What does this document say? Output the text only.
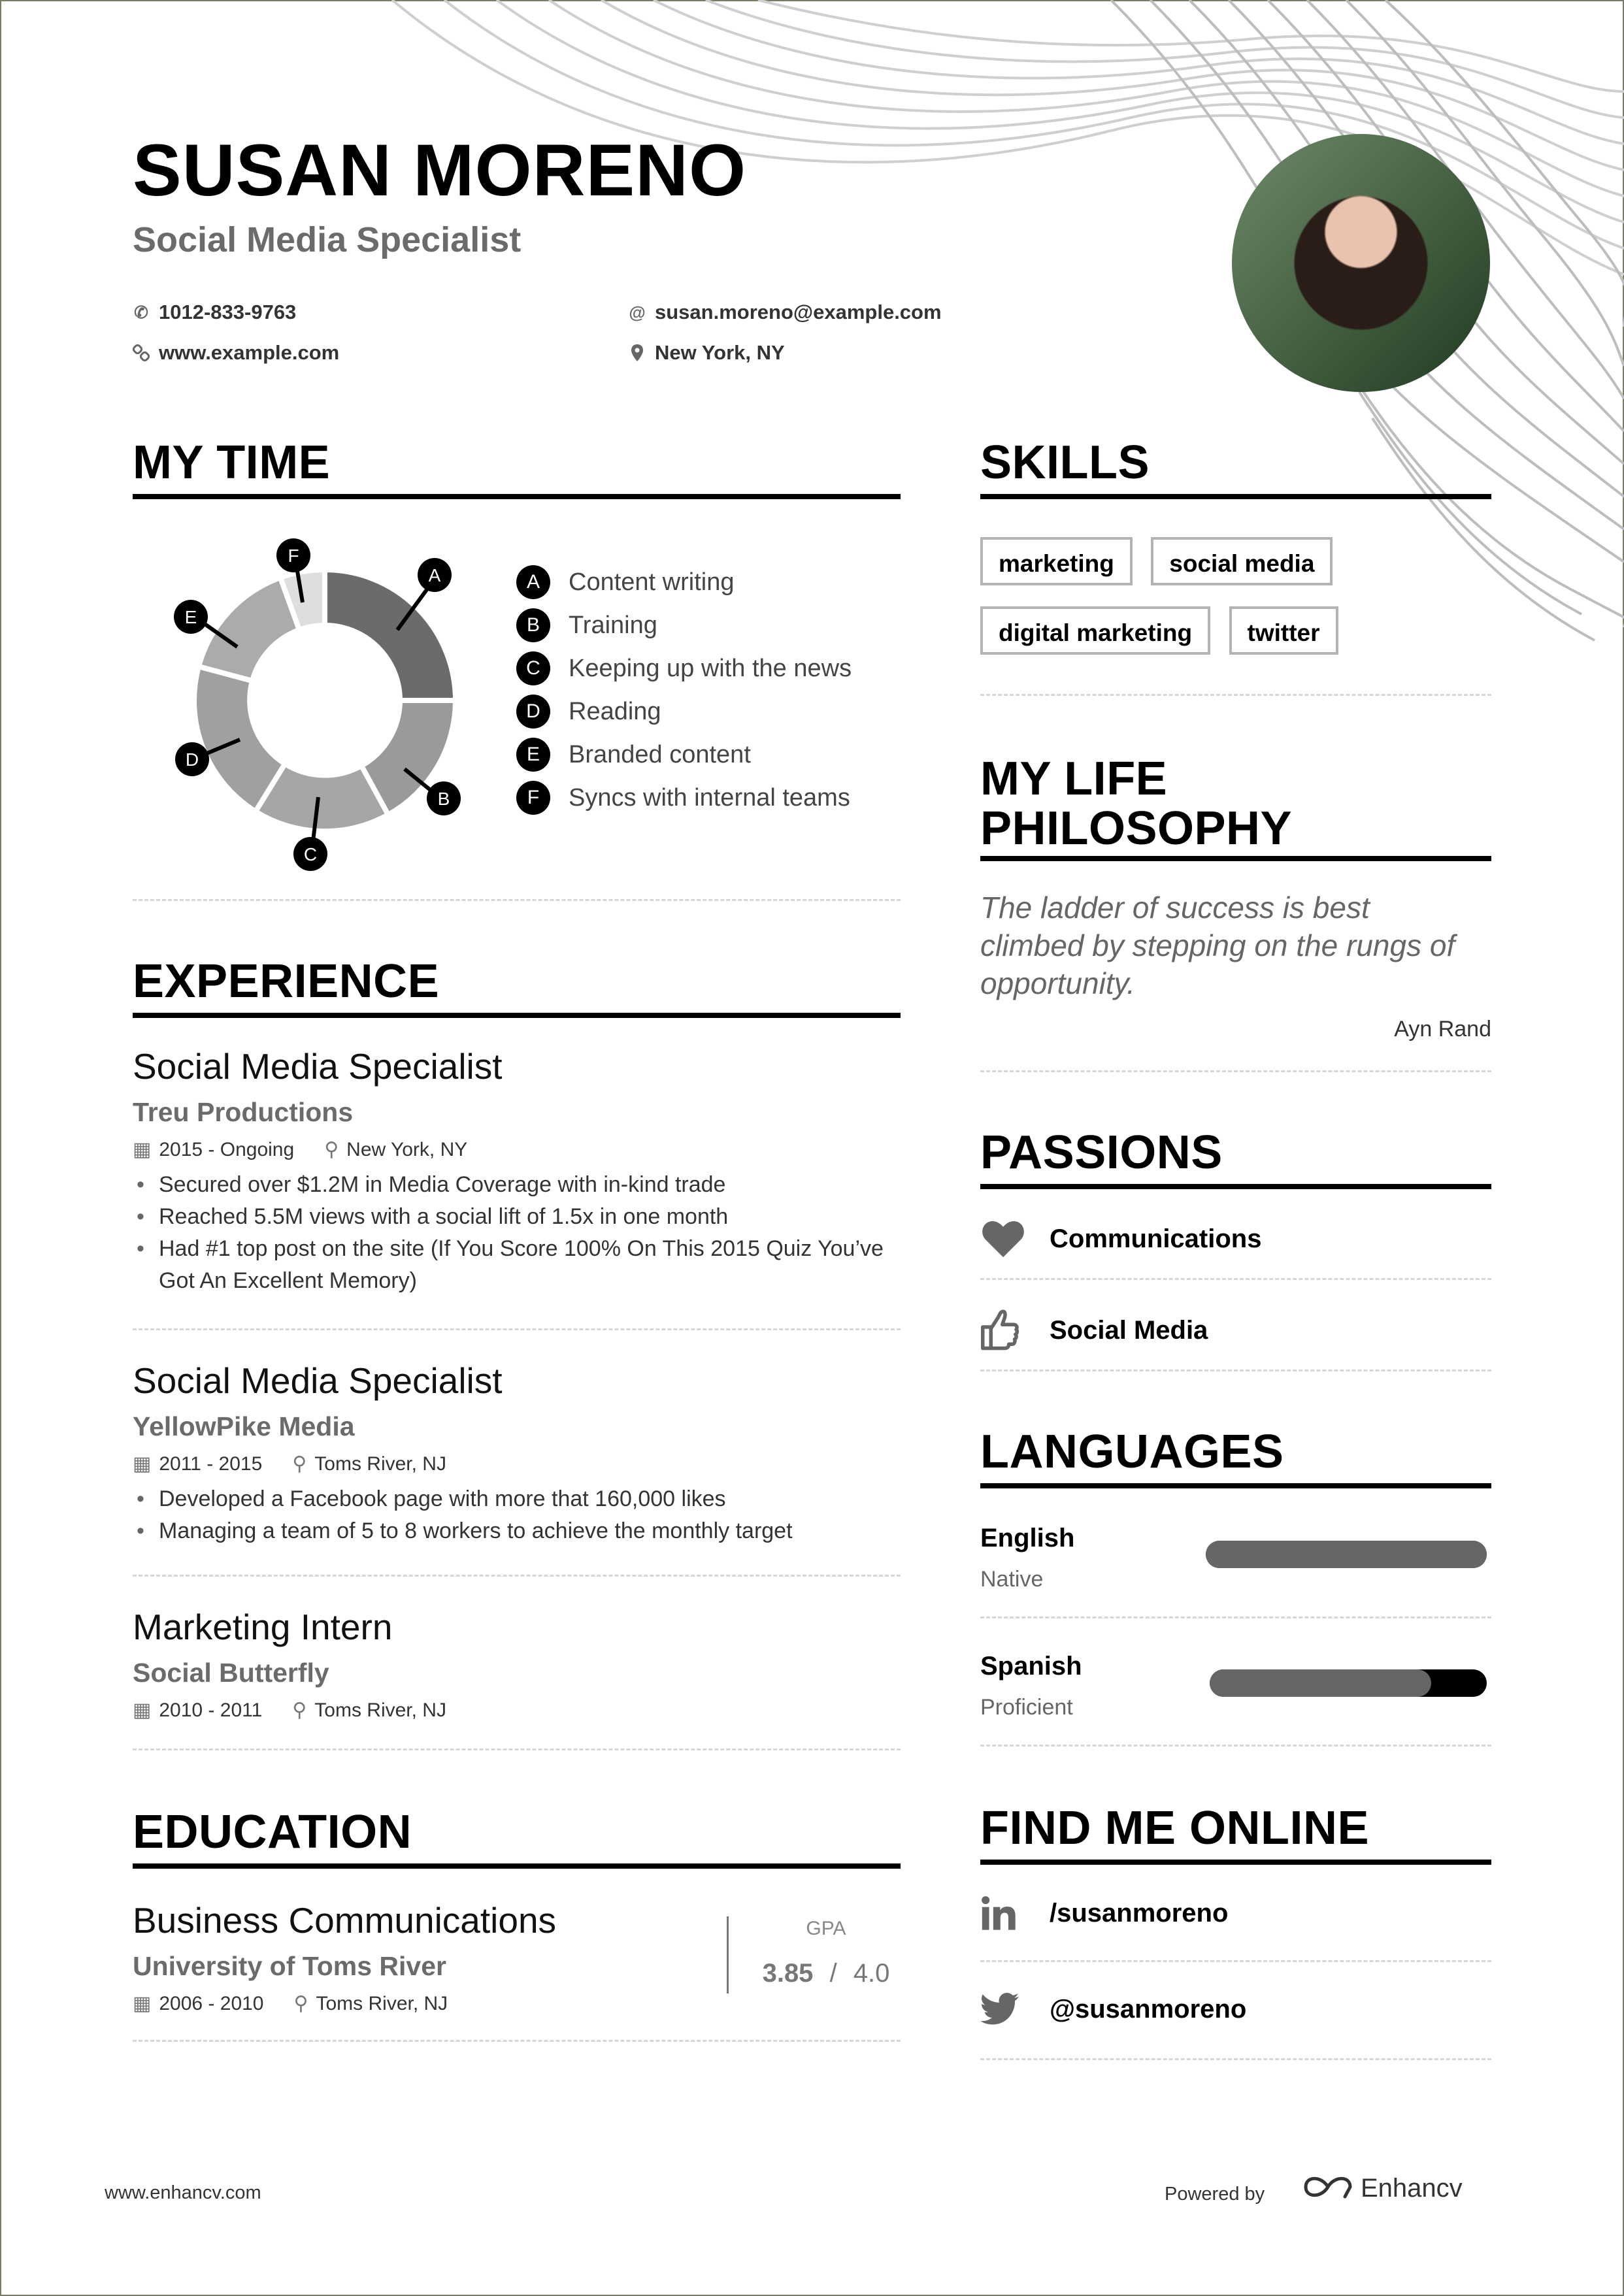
SUSAN MORENO
Social Media Specialist
✆ 1012-833-9763	@ susan.moreno@example.com
www.example.com	New York, NY
MY TIME
A
B
C
D
E
F
A	Content writing
B	Training
C	Keeping up with the news
D	Reading
E	Branded content
F	Syncs with internal teams
EXPERIENCE
Social Media Specialist
Treu Productions
▦ 2015 - Ongoing ⚲ New York, NY
• Secured over $1.2M in Media Coverage with in-kind trade
• Reached 5.5M views with a social lift of 1.5x in one month
• Had #1 top post on the site (If You Score 100% On This 2015 Quiz You’ve Got An Excellent Memory)
Social Media Specialist
YellowPike Media
▦ 2011 - 2015 ⚲ Toms River, NJ
• Developed a Facebook page with more that 160,000 likes
• Managing a team of 5 to 8 workers to achieve the monthly target
Marketing Intern
Social Butterfly
▦ 2010 - 2011 ⚲ Toms River, NJ
EDUCATION
Business Communications
University of Toms River
▦ 2006 - 2010 ⚲ Toms River, NJ
GPA
3.85 / 4.0
SKILLS
marketing social media
digital marketing twitter
MY LIFE
PHILOSOPHY
The ladder of success is best climbed by stepping on the rungs of opportunity.
Ayn Rand
PASSIONS
Communications
Social Media
LANGUAGES
English
Native
Spanish
Proficient
FIND ME ONLINE
/susanmoreno
@susanmoreno
www.enhancv.com	Powered by	Enhancv
